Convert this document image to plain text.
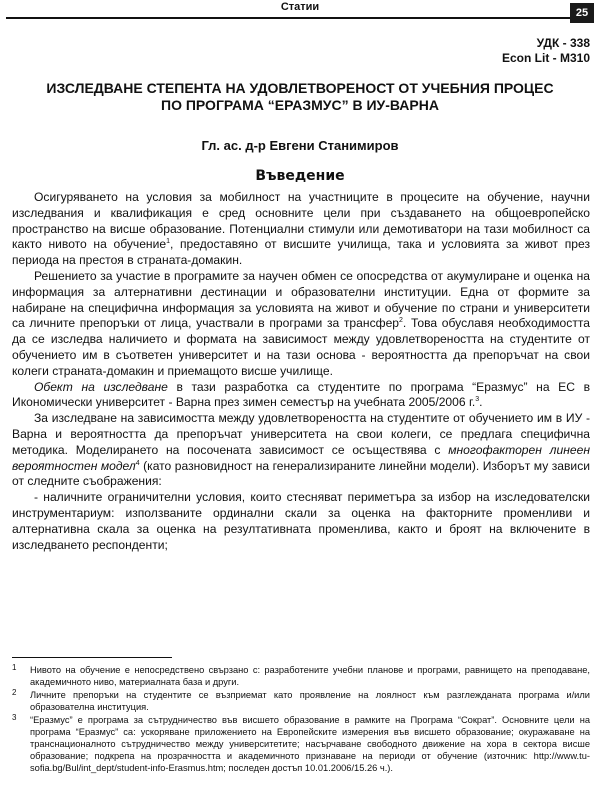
Статии	25
УДК - 338
Econ Lit - M310
ИЗСЛЕДВАНЕ СТЕПЕНТА НА УДОВЛЕТВОРЕНОСТ ОТ УЧЕБНИЯ ПРОЦЕС
ПО ПРОГРАМА “ЕРАЗМУС” В ИУ-ВАРНА
Гл. ас. д-р Евгени Станимиров
Въведение

Осигуряването на условия за мобилност на участниците в процесите на обучение, научни изследвания и квалификация е сред основните цели при създаването на общоевропейско пространство на висше образование. Потенциални стимули или демотиватори на тази мобилност са както нивото на обучение$^1$, предоставяно от висшите училища, така и условията за живот през периода на престоя в страната-домакин.

Решението за участие в програмите за научен обмен се опосредства от акумулиране и оценка на информация за алтернативни дестинации и образователни институции. Една от формите за набиране на специфична информация за условията на живот и обучение по страни и университети са личните препоръки от лица, участвали в програми за трансфер$^2$. Това обуславя необходимостта да се изследва наличието и формата на зависимост между удовлетвореността на студентите от обучението им в съответен университет и на тази основа - вероятността да препоръчат на свои колеги страната-домакин и приемащото висше училище.

Обект на изследване в тази разработка са студентите по програма “Еразмус” на ЕС в Икономически университет - Варна през зимен семестър на учебната 2005/2006 г.$^3$.

За изследване на зависимостта между удовлетвореността на студентите от обучението им в ИУ - Варна и вероятността да препоръчат университета на свои колеги, се предлага специфична методика. Моделирането на посочената зависимост се осъществява с многофакторен линеен вероятностен модел$^4$ (като разновидност на генерализираните линейни модели). Изборът му зависи от следните съображения:

- наличните ограничителни условия, които стесняват периметъра за избор на изследователски инструментариум: използваните ординални скали за оценка на факторните променливи и алтернативна скала за оценка на резултативната променлива, както и броят на включените в изследването респонденти;

1 Нивото на обучение е непосредствено свързано с: разработените учебни планове и програми, равнището на преподаване, академичното ниво, материалната база и други.
2 Личните препоръки на студентите се възприемат като проявление на лоялност към разглежданата програма и/или образователна институция.
3 “Еразмус” е програма за сътрудничество във висшето образование в рамките на Програма “Сократ”. Основните цели на програма “Еразмус” са: ускоряване приложението на Европейските измерения във висшето образование; окуражаване на транснационалното сътрудничество между университетите; насърчаване свободното движение на хора в сектора висше образование; подкрепа на прозрачността и академичното признаване на периоди от обучение (източник: http://www.tu-sofia.bg/Bul/int_dept/student-info-Erasmus.htm; последен достъп 10.01.2006/15.26 ч.).
